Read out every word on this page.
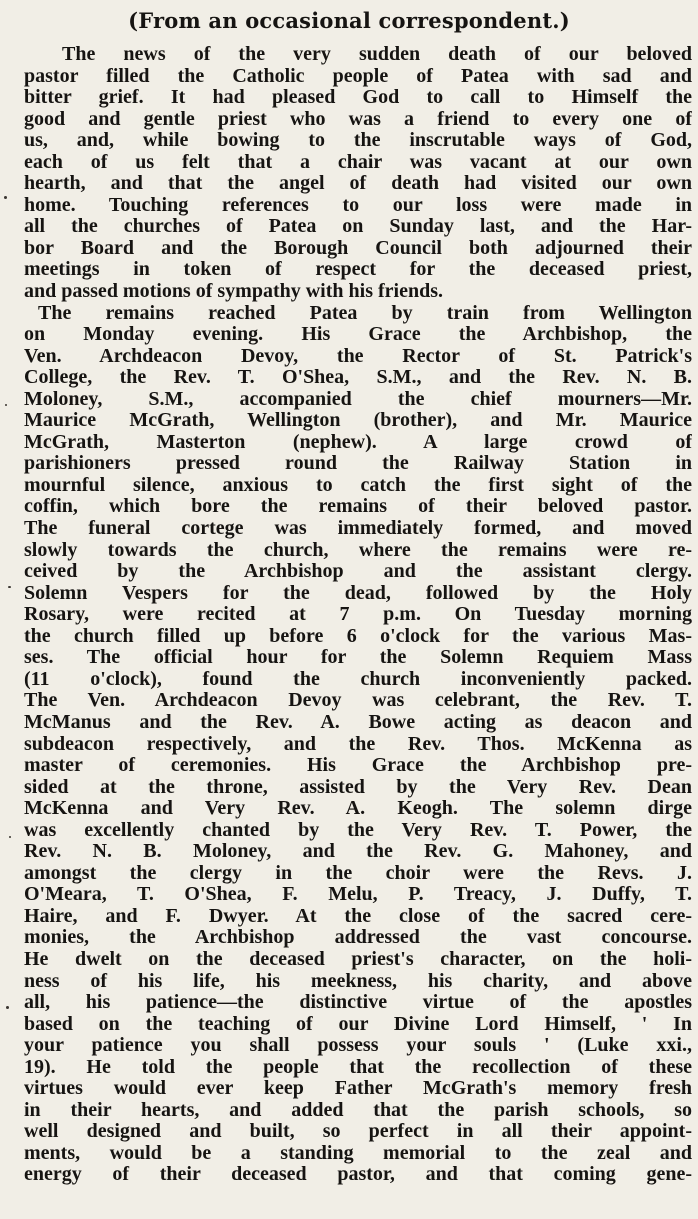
(From an occasional correspondent.)
The news of the very sudden death of our beloved
pastor filled the Catholic people of Patea with sad and
bitter grief. It had pleased God to call to Himself the
good and gentle priest who was a friend to every one of
us, and, while bowing to the inscrutable ways of God,
each of us felt that a chair was vacant at our own
hearth, and that the angel of death had visited our own
home. Touching references to our loss were made in
all the churches of Patea on Sunday last, and the Har-
bor Board and the Borough Council both adjourned their
meetings in token of respect for the deceased priest,
and passed motions of sympathy with his friends.
The remains reached Patea by train from Wellington
on Monday evening. His Grace the Archbishop, the
Ven. Archdeacon Devoy, the Rector of St. Patrick's
College, the Rev. T. O'Shea, S.M., and the Rev. N. B.
Moloney, S.M., accompanied the chief mourners—Mr.
Maurice McGrath, Wellington (brother), and Mr. Maurice
McGrath, Masterton (nephew). A large crowd of
parishioners pressed round the Railway Station in
mournful silence, anxious to catch the first sight of the
coffin, which bore the remains of their beloved pastor.
The funeral cortege was immediately formed, and moved
slowly towards the church, where the remains were re-
ceived by the Archbishop and the assistant clergy.
Solemn Vespers for the dead, followed by the Holy
Rosary, were recited at 7 p.m. On Tuesday morning
the church filled up before 6 o'clock for the various Mas-
ses. The official hour for the Solemn Requiem Mass
(11 o'clock), found the church inconveniently packed.
The Ven. Archdeacon Devoy was celebrant, the Rev. T.
McManus and the Rev. A. Bowe acting as deacon and
subdeacon respectively, and the Rev. Thos. McKenna as
master of ceremonies. His Grace the Archbishop pre-
sided at the throne, assisted by the Very Rev. Dean
McKenna and Very Rev. A. Keogh. The solemn dirge
was excellently chanted by the Very Rev. T. Power, the
Rev. N. B. Moloney, and the Rev. G. Mahoney, and
amongst the clergy in the choir were the Revs. J.
O'Meara, T. O'Shea, F. Melu, P. Treacy, J. Duffy, T.
Haire, and F. Dwyer. At the close of the sacred cere-
monies, the Archbishop addressed the vast concourse.
He dwelt on the deceased priest's character, on the holi-
ness of his life, his meekness, his charity, and above
all, his patience—the distinctive virtue of the apostles
based on the teaching of our Divine Lord Himself, ' In
your patience you shall possess your souls ' (Luke xxi.,
19). He told the people that the recollection of these
virtues would ever keep Father McGrath's memory fresh
in their hearts, and added that the parish schools, so
well designed and built, so perfect in all their appoint-
ments, would be a standing memorial to the zeal and
energy of their deceased pastor, and that coming gene-
